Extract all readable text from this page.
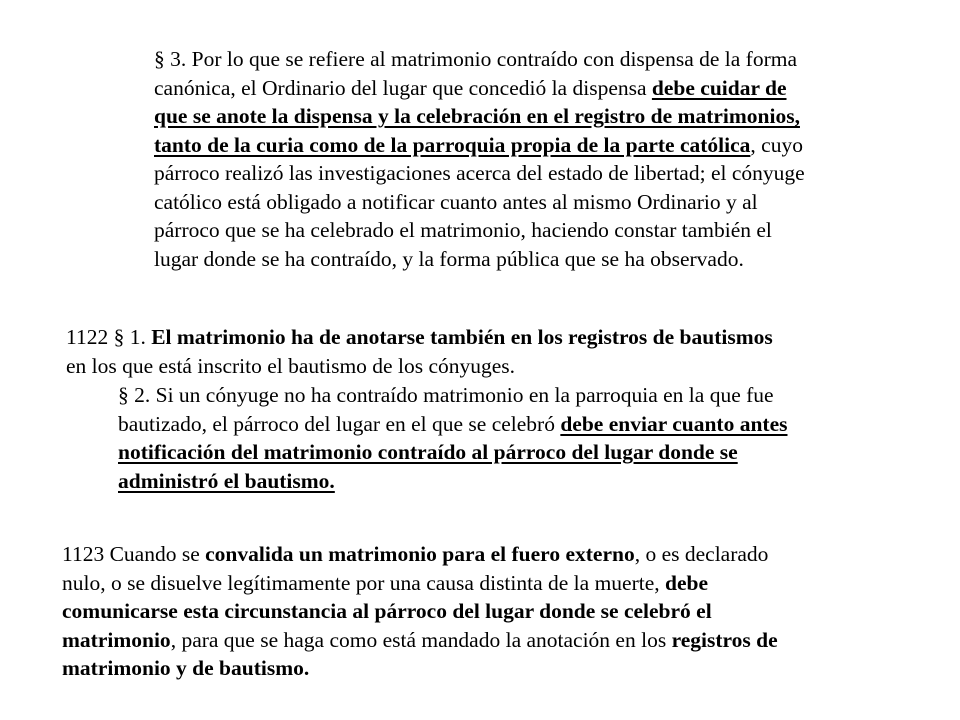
§ 3. Por lo que se refiere al matrimonio contraído con dispensa de la forma
canónica, el Ordinario del lugar que concedió la dispensa debe cuidar de
que se anote la dispensa y la celebración en el registro de matrimonios,
tanto de la curia como de la parroquia propia de la parte católica, cuyo
párroco realizó las investigaciones acerca del estado de libertad; el cónyuge
católico está obligado a notificar cuanto antes al mismo Ordinario y al
párroco que se ha celebrado el matrimonio, haciendo constar también el
lugar donde se ha contraído, y la forma pública que se ha observado.
1122 § 1. El matrimonio ha de anotarse también en los registros de bautismos
en los que está inscrito el bautismo de los cónyuges.
§ 2. Si un cónyuge no ha contraído matrimonio en la parroquia en la que fue
bautizado, el párroco del lugar en el que se celebró debe enviar cuanto antes
notificación del matrimonio contraído al párroco del lugar donde se
administró el bautismo.
1123 Cuando se convalida un matrimonio para el fuero externo, o es declarado
nulo, o se disuelve legítimamente por una causa distinta de la muerte, debe
comunicarse esta circunstancia al párroco del lugar donde se celebró el
matrimonio, para que se haga como está mandado la anotación en los registros de
matrimonio y de bautismo.
